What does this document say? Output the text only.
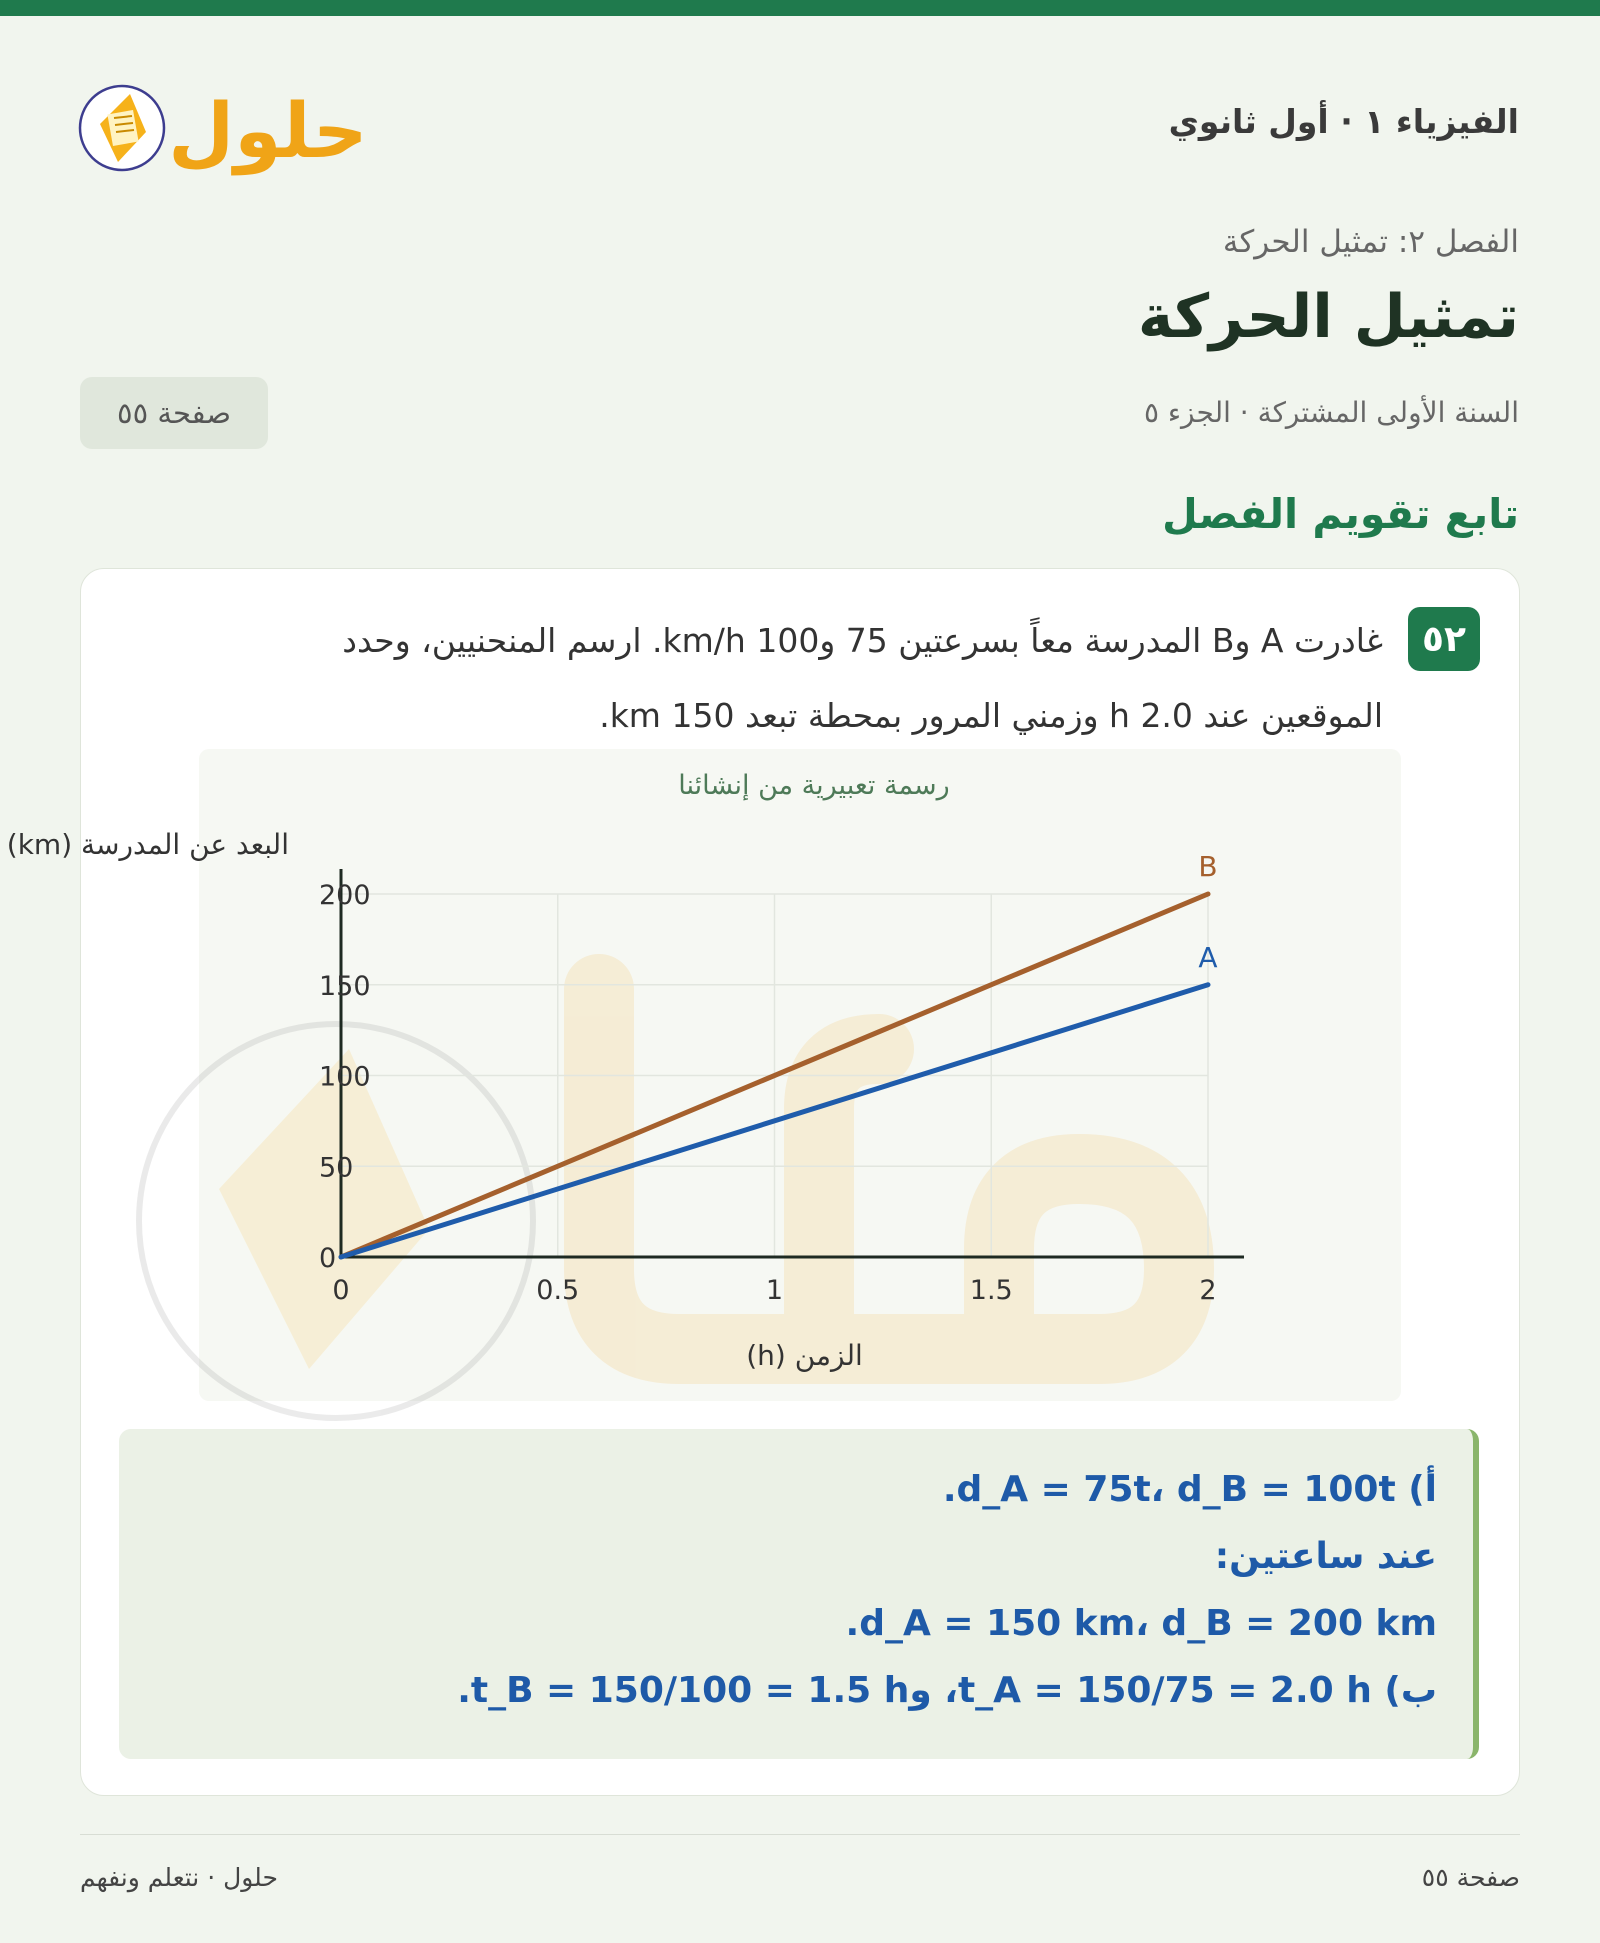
حلول	الفيزياء ١ · أول ثانوي
الفصل ٢: تمثيل الحركة
تمثيل الحركة
السنة الأولى المشتركة · الجزء ٥
صفحة ٥٥
تابع تقويم الفصل
٥٢
غادرت A وB المدرسة معاً بسرعتين 75 و100 km/h. ارسم المنحنيين، وحدد الموقعين عند 2.0 h وزمني المرور بمحطة تبعد 150 km.
رسمة تعبيرية من إنشائنا
0	0.5	1	1.5	2
0
50
100
150
200
الزمن (h)
البعد عن المدرسة (km)
B
A
أ) d_A = 75t، d_B = 100t.
عند ساعتين:
d_A = 150 km، d_B = 200 km.
ب) t_A = 150/75 = 2.0 h، وt_B = 150/100 = 1.5 h.
حلول · نتعلم ونفهم	صفحة ٥٥
